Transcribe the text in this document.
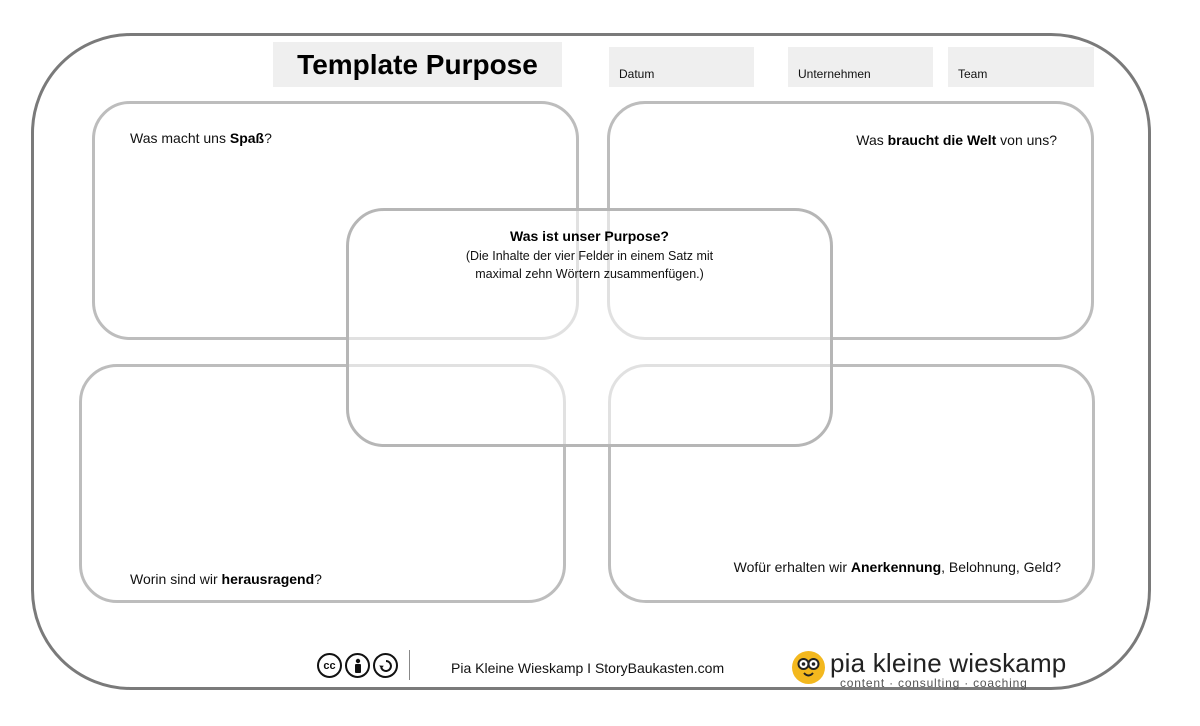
Template Purpose	Datum	Unternehmen	Team
Was macht uns Spaß?	Was braucht die Welt von uns?
Worin sind wir herausragend?
Wofür erhalten wir Anerkennung, Belohnung, Geld?
Was ist unser Purpose?
(Die Inhalte der vier Felder in einem Satz mit maximal zehn Wörtern zusammenfügen.)
cc	Pia Kleine Wieskamp I StoryBaukasten.com	pia kleine wieskamp
content · consulting · coaching
